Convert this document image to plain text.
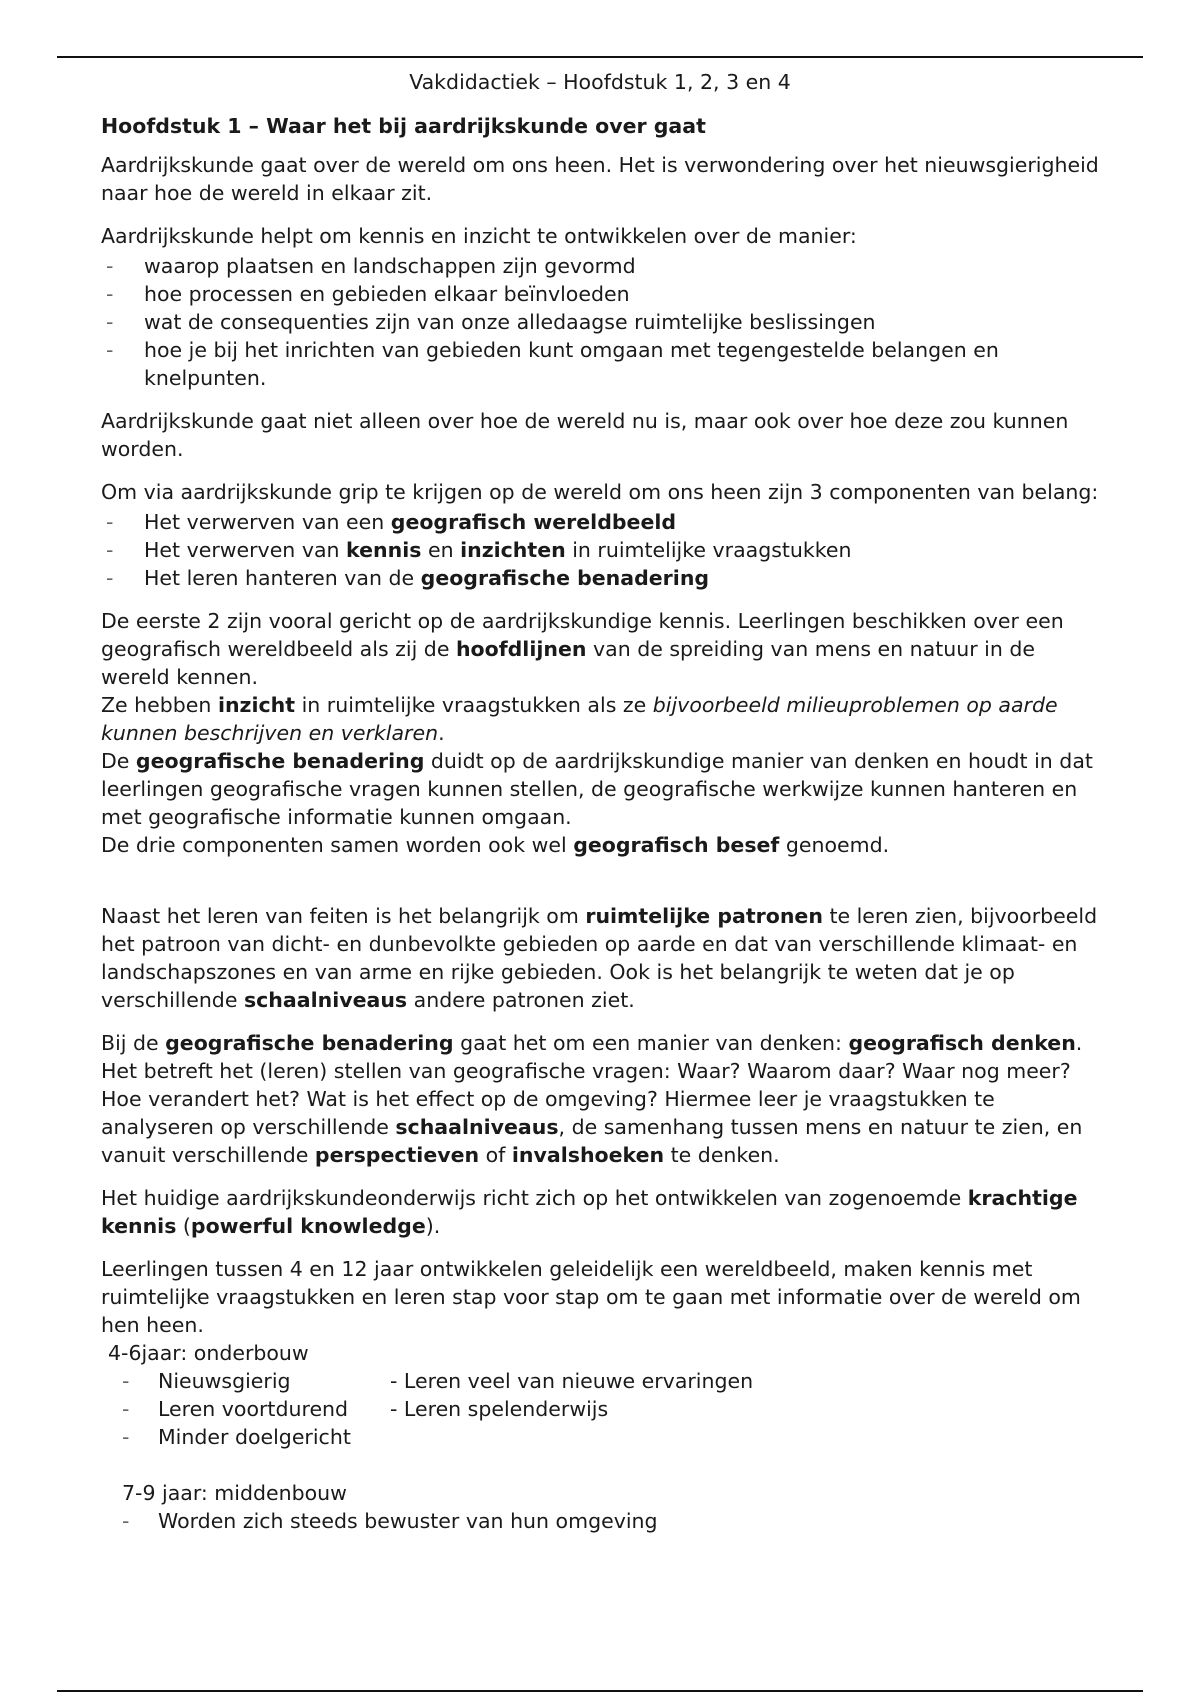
Vakdidactiek – Hoofdstuk 1, 2, 3 en 4
Hoofdstuk 1 – Waar het bij aardrijkskunde over gaat

Aardrijkskunde gaat over de wereld om ons heen. Het is verwondering over het nieuwsgierigheid naar hoe de wereld in elkaar zit.

Aardrijkskunde helpt om kennis en inzicht te ontwikkelen over de manier:

- waarop plaatsen en landschappen zijn gevormd
- hoe processen en gebieden elkaar beïnvloeden
- wat de consequenties zijn van onze alledaagse ruimtelijke beslissingen
- hoe je bij het inrichten van gebieden kunt omgaan met tegengestelde belangen en knelpunten.

Aardrijkskunde gaat niet alleen over hoe de wereld nu is, maar ook over hoe deze zou kunnen worden.

Om via aardrijkskunde grip te krijgen op de wereld om ons heen zijn 3 componenten van belang:

- Het verwerven van een geografisch wereldbeeld
- Het verwerven van kennis en inzichten in ruimtelijke vraagstukken
- Het leren hanteren van de geografische benadering

De eerste 2 zijn vooral gericht op de aardrijkskundige kennis. Leerlingen beschikken over een geografisch wereldbeeld als zij de hoofdlijnen van de spreiding van mens en natuur in de wereld kennen.

Ze hebben inzicht in ruimtelijke vraagstukken als ze bijvoorbeeld milieuproblemen op aarde kunnen beschrijven en verklaren.

De geografische benadering duidt op de aardrijkskundige manier van denken en houdt in dat leerlingen geografische vragen kunnen stellen, de geografische werkwijze kunnen hanteren en met geografische informatie kunnen omgaan.

De drie componenten samen worden ook wel geografisch besef genoemd.

Naast het leren van feiten is het belangrijk om ruimtelijke patronen te leren zien, bijvoorbeeld het patroon van dicht- en dunbevolkte gebieden op aarde en dat van verschillende klimaat- en landschapszones en van arme en rijke gebieden. Ook is het belangrijk te weten dat je op verschillende schaalniveaus andere patronen ziet.

Bij de geografische benadering gaat het om een manier van denken: geografisch denken. Het betreft het (leren) stellen van geografische vragen: Waar? Waarom daar? Waar nog meer? Hoe verandert het? Wat is het effect op de omgeving? Hiermee leer je vraagstukken te analyseren op verschillende schaalniveaus, de samenhang tussen mens en natuur te zien, en vanuit verschillende perspectieven of invalshoeken te denken.

Het huidige aardrijkskundeonderwijs richt zich op het ontwikkelen van zogenoemde krachtige kennis (powerful knowledge).

Leerlingen tussen 4 en 12 jaar ontwikkelen geleidelijk een wereldbeeld, maken kennis met ruimtelijke vraagstukken en leren stap voor stap om te gaan met informatie over de wereld om hen heen.

4-6jaar: onderbouw

- Nieuwsgierig	- Leren veel van nieuwe ervaringen
- Leren voortdurend	- Leren spelenderwijs
- Minder doelgericht

7-9 jaar: middenbouw

- Worden zich steeds bewuster van hun omgeving
